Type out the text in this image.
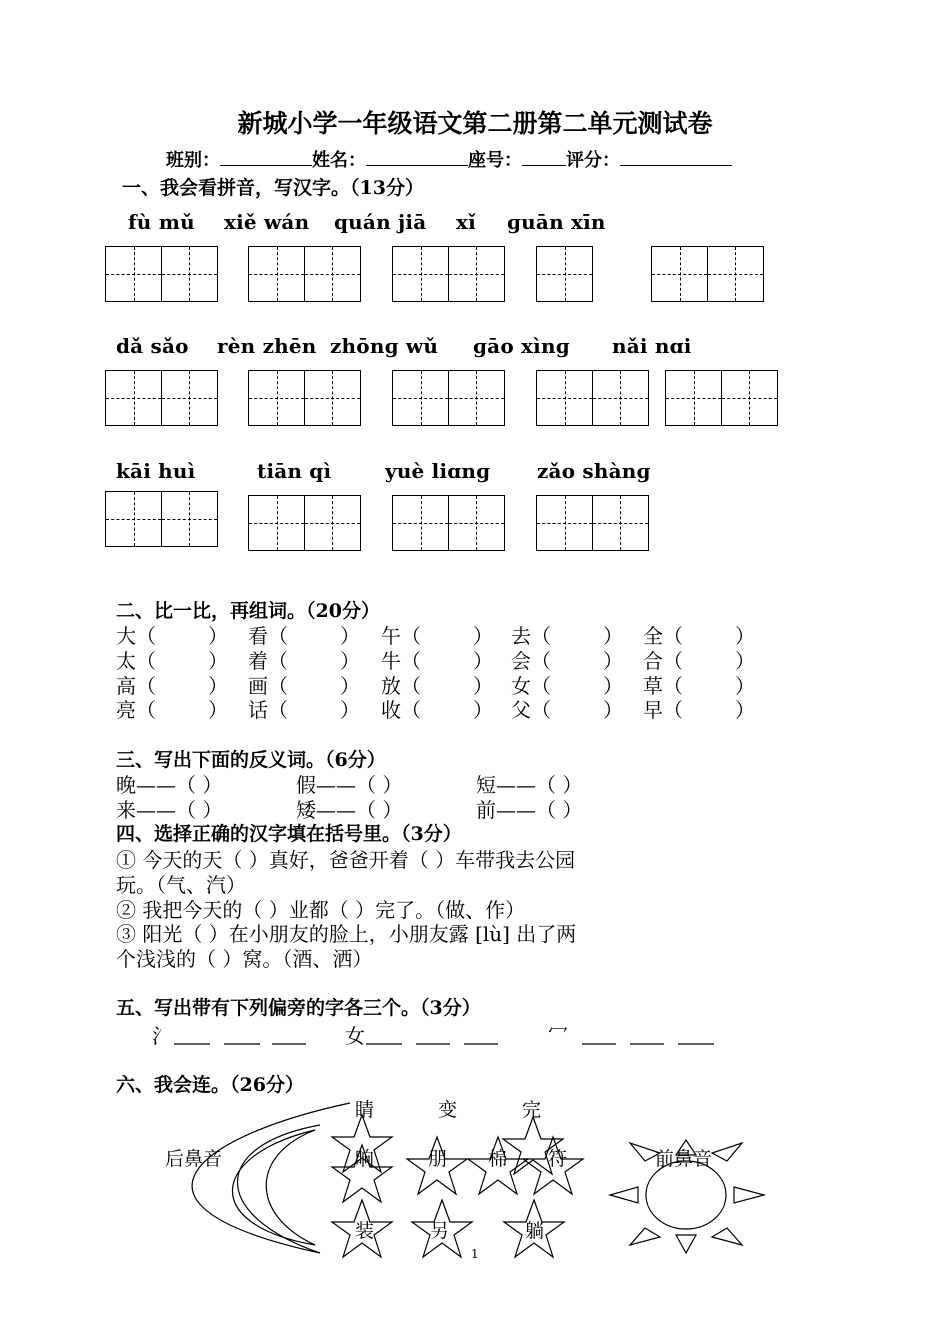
新城小学一年级语文第二册第二单元测试卷
班别：	姓名：	座号： 评分：
一、我会看拼音，写汉字。（13分）
fù mǔ xiě wán quán jiā xǐ ɡuān xīn
dǎ sǎo rèn zhēn zhōnɡ wǔ ɡāo xìnɡ nǎi nɑi
kāi huì	tiān qì	yuè liɑnɡ zǎo shànɡ
二、比一比，再组词。（20分）
大（	） 看（	） 午（	） 去（	） 全（	）
太（	） 着（	） 牛（	） 会（	） 合（	）
高（	） 画（	） 放（	） 女（	） 草（	）
亮（	） 话（	） 收（	） 父（	） 早（	）
三、写出下面的反义词。（6分）
晚——（ ）	假——（ ）	短——（ ）
来——（ ）	矮——（ ）	前——（ ）
四、选择正确的汉字填在括号里。（3分）
① 今天的天（ ）真好，爸爸开着（ ）车带我去公园
玩。（气、汽）
② 我把今天的（ ）业都（ ）完了。（做、作）
③ 阳光（ ）在小朋友的脸上，小朋友露 [lù] 出了两
个浅浅的（ ）窝。（酒、洒）
五、写出带有下列偏旁的字各三个。（3分）
氵	女	冖
六、我会连。（26分）
睛	变	完
后鼻音	前鼻音
晌	朋 棉 符
装	另	躺
1
